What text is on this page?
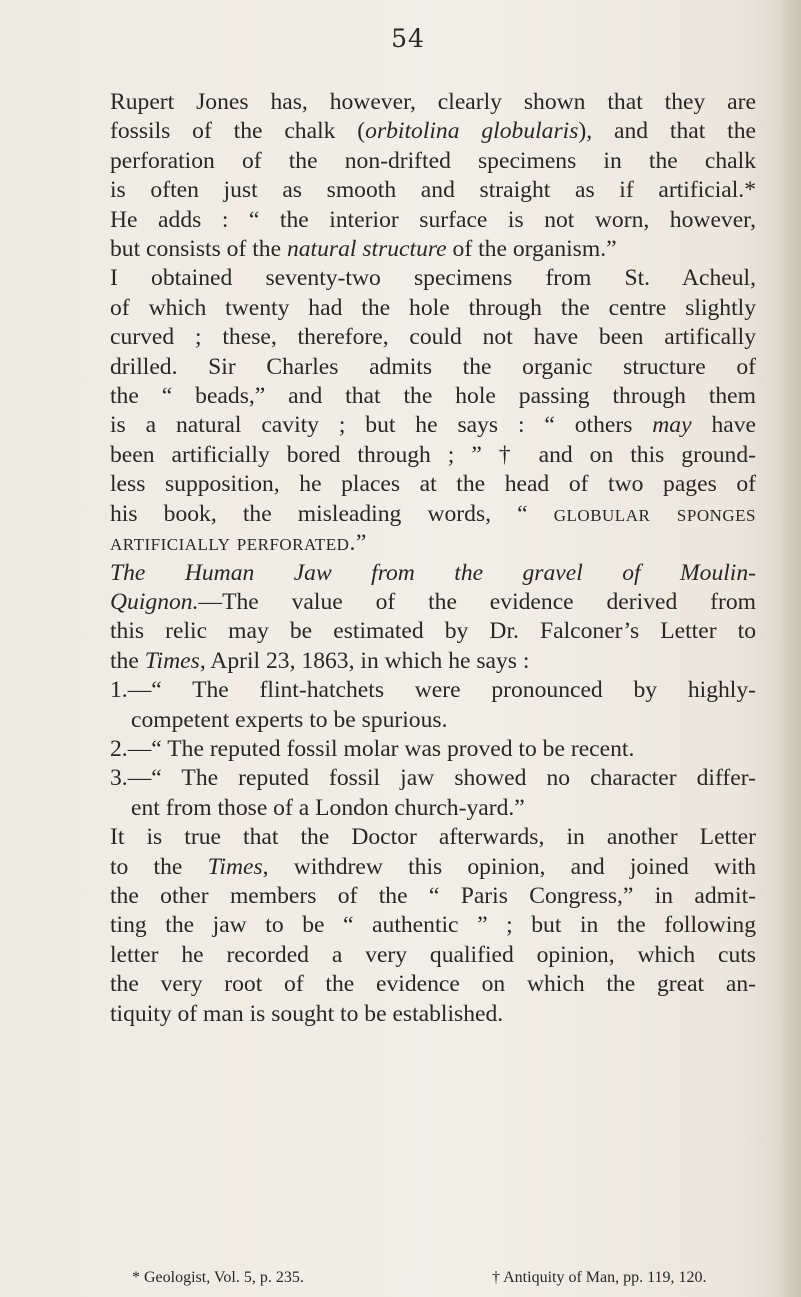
54
Rupert Jones has, however, clearly shown that they are
fossils of the chalk (orbitolina globularis), and that the
perforation of the non-drifted specimens in the chalk
is often just as smooth and straight as if artificial.*
He adds : “ the interior surface is not worn, however,
but consists of the natural structure of the organism.”
I obtained seventy-two specimens from St. Acheul,
of which twenty had the hole through the centre slightly
curved ; these, therefore, could not have been artifically
drilled. Sir Charles admits the organic structure of
the “ beads,” and that the hole passing through them
is a natural cavity ; but he says : “ others may have
been artificially bored through ; ” † and on this ground-
less supposition, he places at the head of two pages of
his book, the misleading words, “ globular sponges
artificially perforated.”
The Human Jaw from the gravel of Moulin-
Quignon.—The value of the evidence derived from
this relic may be estimated by Dr. Falconer’s Letter to
the Times, April 23, 1863, in which he says :
1.—“ The flint-hatchets were pronounced by highly-
competent experts to be spurious.
2.—“ The reputed fossil molar was proved to be recent.
3.—“ The reputed fossil jaw showed no character differ-
ent from those of a London church-yard.”
It is true that the Doctor afterwards, in another Letter
to the Times, withdrew this opinion, and joined with
the other members of the “ Paris Congress,” in admit-
ting the jaw to be “ authentic ” ; but in the following
letter he recorded a very qualified opinion, which cuts
the very root of the evidence on which the great an-
tiquity of man is sought to be established.
* Geologist, Vol. 5, p. 235.	† Antiquity of Man, pp. 119, 120.
